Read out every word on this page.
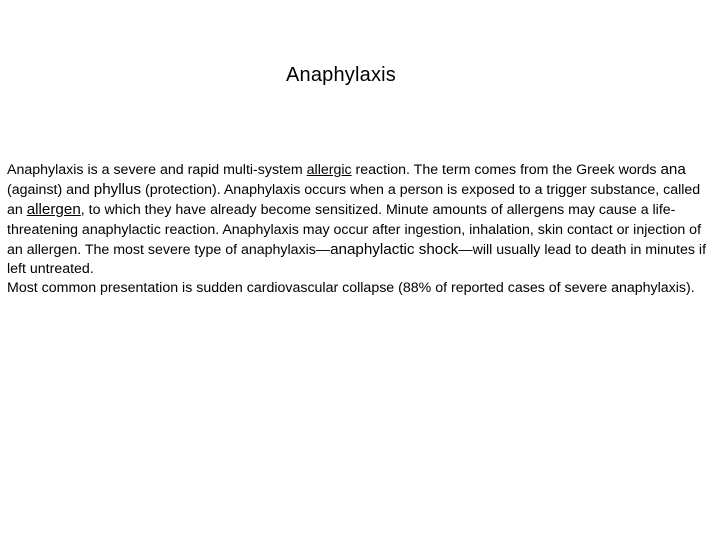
Anaphylaxis

Anaphylaxis is a severe and rapid multi-system allergic reaction. The term comes from the Greek words ana (against) and phyllus (protection). Anaphylaxis occurs when a person is exposed to a trigger substance, called an allergen, to which they have already become sensitized. Minute amounts of allergens may cause a life-threatening anaphylactic reaction. Anaphylaxis may occur after ingestion, inhalation, skin contact or injection of an allergen. The most severe type of anaphylaxis—anaphylactic shock—will usually lead to death in minutes if left untreated.

Most common presentation is sudden cardiovascular collapse (88% of reported cases of severe anaphylaxis).
